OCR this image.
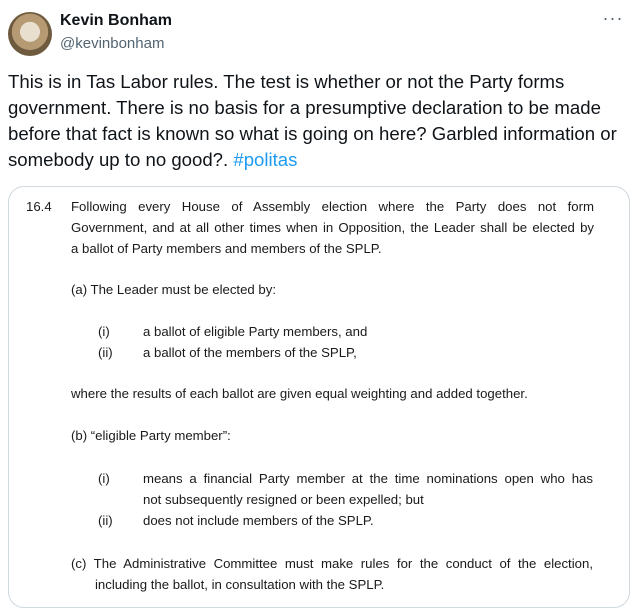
Kevin Bonham
@kevinbonham
···

This is in Tas Labor rules. The test is whether or not the Party forms government. There is no basis for a presumptive declaration to be made before that fact is known so what is going on here? Garbled information or somebody up to no good?. #politas

16.4 Following every House of Assembly election where the Party does not form
Government, and at all other times when in Opposition, the Leader shall be elected by
a ballot of Party members and members of the SPLP.
(a) The Leader must be elected by:
(i)	a ballot of eligible Party members, and
(ii) a ballot of the members of the SPLP,
where the results of each ballot are given equal weighting and added together.
(b) “eligible Party member”:
(i)	means a financial Party member at the time nominations open who has
not subsequently resigned or been expelled; but
(ii) does not include members of the SPLP.
(c) The Administrative Committee must make rules for the conduct of the election,
including the ballot, in consultation with the SPLP.
